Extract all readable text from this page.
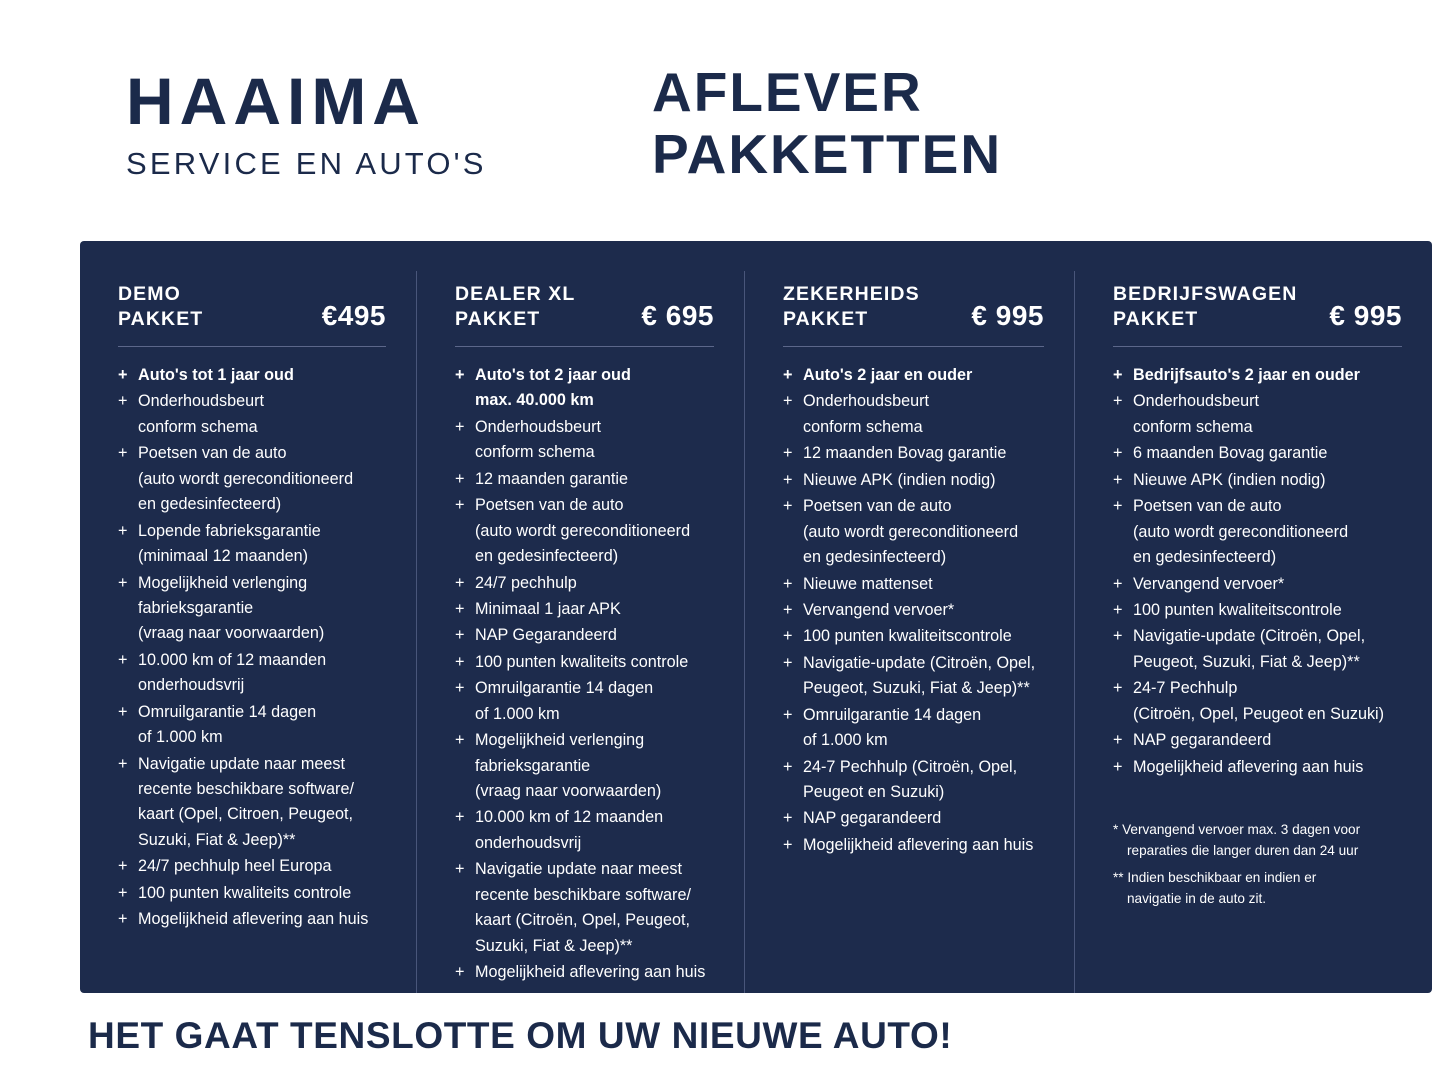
HAAIMA
SERVICE EN AUTO'S
AFLEVER
PAKKETTEN
DEMO
PAKKET	€495
+ Auto's tot 1 jaar oud
+ Onderhoudsbeurt
conform schema
+ Poetsen van de auto
(auto wordt gereconditioneerd
en gedesinfecteerd)
+ Lopende fabrieksgarantie
(minimaal 12 maanden)
+ Mogelijkheid verlenging
fabrieksgarantie
(vraag naar voorwaarden)
+ 10.000 km of 12 maanden
onderhoudsvrij
+ Omruilgarantie 14 dagen
of 1.000 km
+ Navigatie update naar meest
recente beschikbare software/
kaart (Opel, Citroen, Peugeot,
Suzuki, Fiat & Jeep)**
+ 24/7 pechhulp heel Europa
+ 100 punten kwaliteits controle
+ Mogelijkheid aflevering aan huis
DEALER XL
PAKKET	€ 695
+ Auto's tot 2 jaar oud
max. 40.000 km
+ Onderhoudsbeurt
conform schema
+ 12 maanden garantie
+ Poetsen van de auto
(auto wordt gereconditioneerd
en gedesinfecteerd)
+ 24/7 pechhulp
+ Minimaal 1 jaar APK
+ NAP Gegarandeerd
+ 100 punten kwaliteits controle
+ Omruilgarantie 14 dagen
of 1.000 km
+ Mogelijkheid verlenging
fabrieksgarantie
(vraag naar voorwaarden)
+ 10.000 km of 12 maanden
onderhoudsvrij
+ Navigatie update naar meest
recente beschikbare software/
kaart (Citroën, Opel, Peugeot,
Suzuki, Fiat & Jeep)**
+ Mogelijkheid aflevering aan huis
ZEKERHEIDS
PAKKET	€ 995
+ Auto's 2 jaar en ouder
+ Onderhoudsbeurt
conform schema
+ 12 maanden Bovag garantie
+ Nieuwe APK (indien nodig)
+ Poetsen van de auto
(auto wordt gereconditioneerd
en gedesinfecteerd)
+ Nieuwe mattenset
+ Vervangend vervoer*
+ 100 punten kwaliteitscontrole
+ Navigatie-update (Citroën, Opel,
Peugeot, Suzuki, Fiat & Jeep)**
+ Omruilgarantie 14 dagen
of 1.000 km
+ 24-7 Pechhulp (Citroën, Opel,
Peugeot en Suzuki)
+ NAP gegarandeerd
+ Mogelijkheid aflevering aan huis
BEDRIJFSWAGEN
PAKKET	€ 995
+ Bedrijfsauto's 2 jaar en ouder
+ Onderhoudsbeurt
conform schema
+ 6 maanden Bovag garantie
+ Nieuwe APK (indien nodig)
+ Poetsen van de auto
(auto wordt gereconditioneerd
en gedesinfecteerd)
+ Vervangend vervoer*
+ 100 punten kwaliteitscontrole
+ Navigatie-update (Citroën, Opel,
Peugeot, Suzuki, Fiat & Jeep)**
+ 24-7 Pechhulp
(Citroën, Opel, Peugeot en Suzuki)
+ NAP gegarandeerd
+ Mogelijkheid aflevering aan huis

* Vervangend vervoer max. 3 dagen voor
reparaties die langer duren dan 24 uur

** Indien beschikbaar en indien er
navigatie in de auto zit.

HET GAAT TENSLOTTE OM UW NIEUWE AUTO!
